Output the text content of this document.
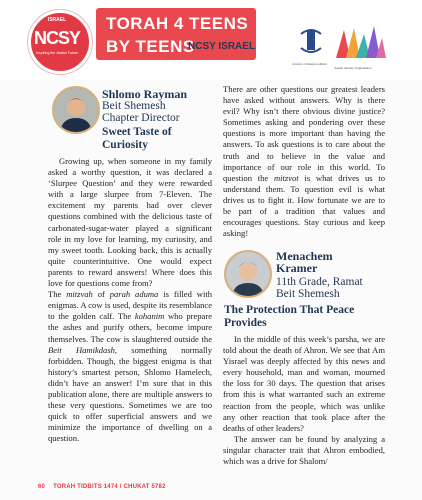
ISRAEL
NCSY
Inspiring the Jewish Future
TORAH 4 TEENS
BY TEENS
NCSY ISRAEL
ministry of diaspora affairs
Jewish Identity Organization
Shlomo Rayman
Beit Shemesh
Chapter Director
Sweet Taste of
Curiosity

Growing up, when someone in my family asked a worthy question, it was declared a ‘Slurpee Question’ and they were rewarded with a large slurpee from 7-Eleven. The excitement my parents had over clever questions combined with the delicious taste of carbonated-sugar-water played a significant role in my love for learning, my curiosity, and my sweet tooth. Looking back, this is actually quite counterintuitive. One would expect parents to reward answers! Where does this love for questions come from?

The mitzvah of parah aduma is filled with enigmas. A cow is used, despite its resemblance to the golden calf. The kohanim who prepare the ashes and purify others, become impure themselves. The cow is slaughtered outside the Beit Hamikdash, something normally forbidden. Though, the biggest enigma is that history’s smartest person, Shlomo Hamelech, didn’t have an answer! I’m sure that in this publication alone, there are multiple answers to these very questions. Sometimes we are too quick to offer superficial answers and we minimize the importance of dwelling on a question.

There are other questions our greatest leaders have asked without answers. Why is there evil? Why isn’t there obvious divine justice? Sometimes asking and pondering over these questions is more important than having the answers. To ask questions is to care about the truth and to believe in the value and importance of our role in this world. To question the mitzvot is what drives us to understand them. To question evil is what drives us to fight it. How fortunate we are to be part of a tradition that values and encourages questions. Stay curious and keep asking!

Menachem
Kramer
11th Grade, Ramat
Beit Shemesh
The Protection That Peace
Provides

In the middle of this week’s parsha, we are told about the death of Ahron. We see that Am Yisrael was deeply affected by this news and every household, man and woman, mourned the loss for 30 days. The question that arises from this is what warranted such an extreme reaction from the people, which was unlike any other reaction that took place after the deaths of other leaders?

The answer can be found by analyzing a singular character trait that Ahron embodied, which was a drive for Shalom/

60 TORAH TIDBITS 1474 / CHUKAT 5782
